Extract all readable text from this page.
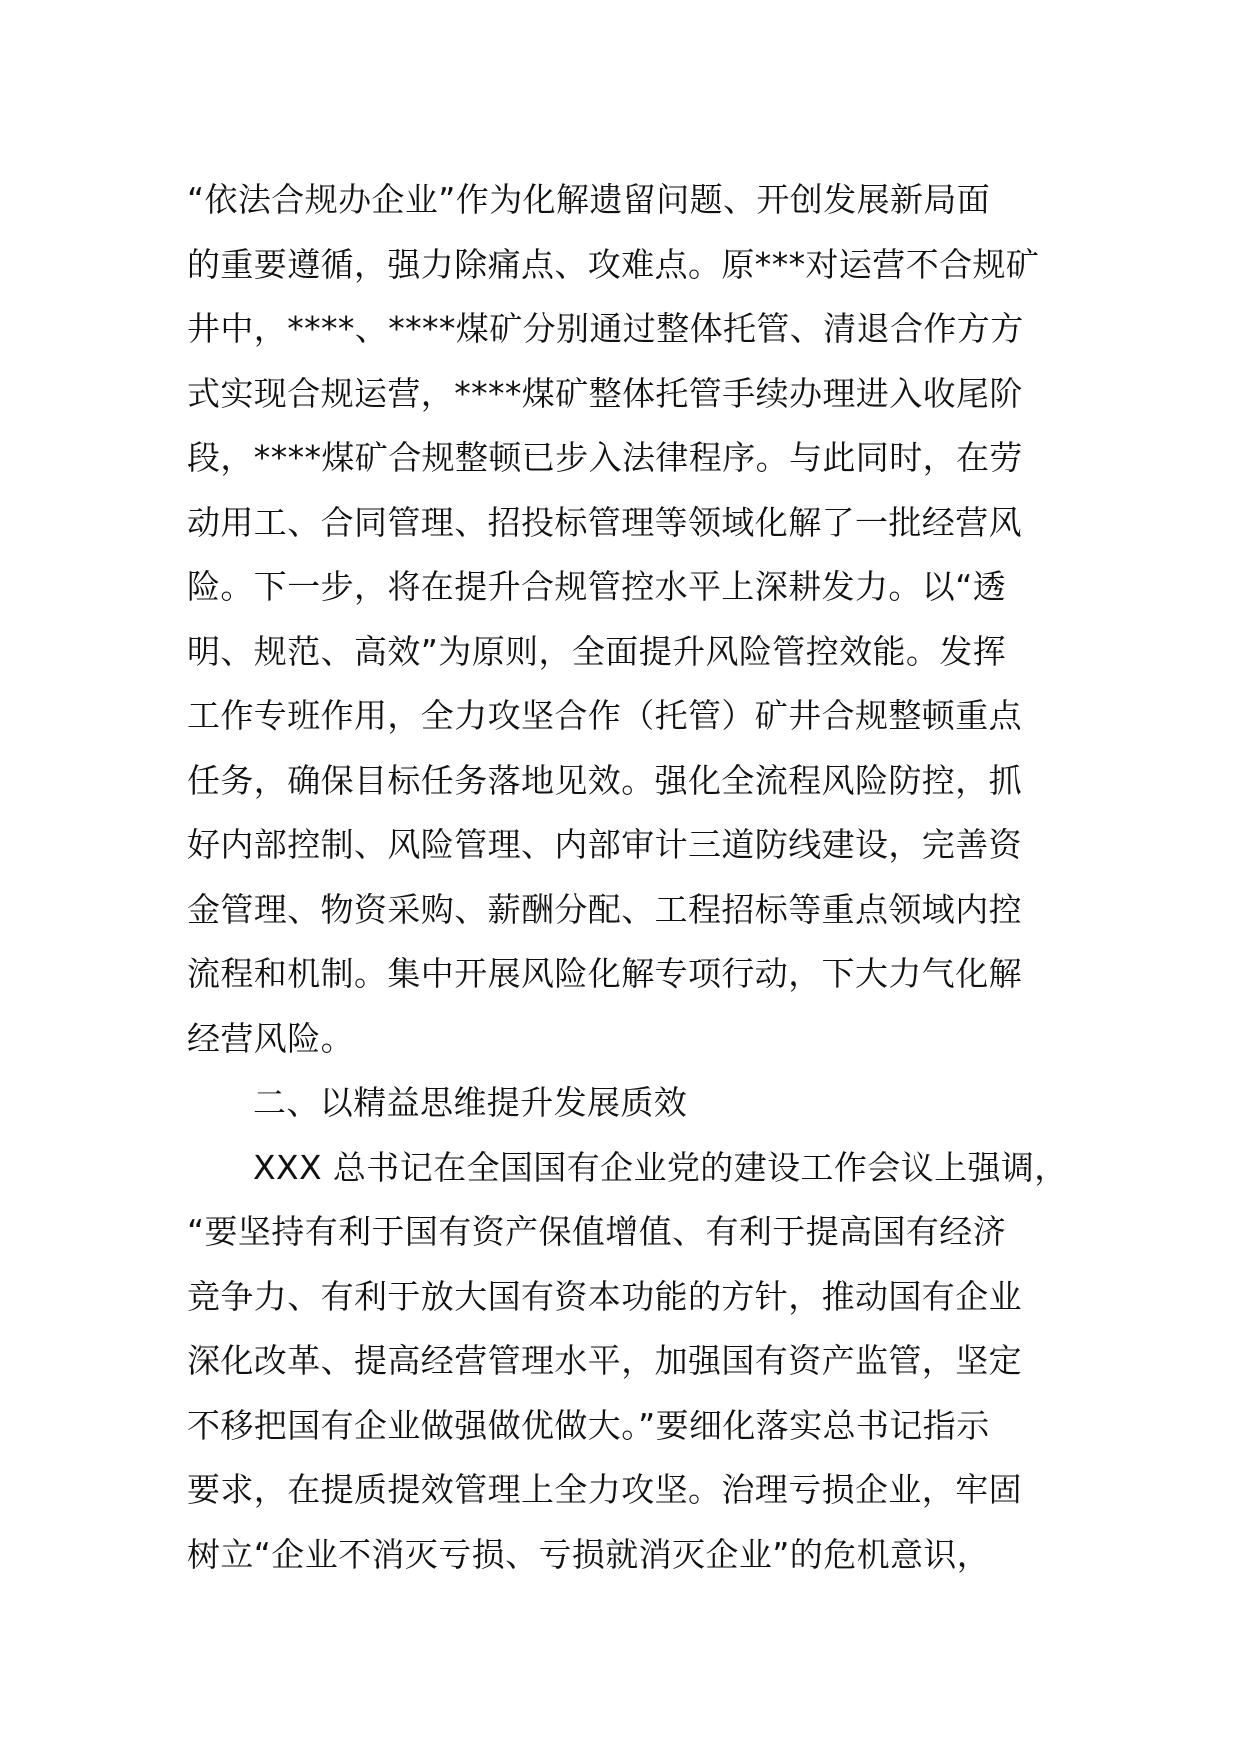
“依法合规办企业”作为化解遗留问题、开创发展新局面
的重要遵循，强力除痛点、攻难点。原***对运营不合规矿
井中，****、****煤矿分别通过整体托管、清退合作方方
式实现合规运营，****煤矿整体托管手续办理进入收尾阶
段，****煤矿合规整顿已步入法律程序。与此同时，在劳
动用工、合同管理、招投标管理等领域化解了一批经营风
险。下一步，将在提升合规管控水平上深耕发力。以“透
明、规范、高效”为原则，全面提升风险管控效能。发挥
工作专班作用，全力攻坚合作（托管）矿井合规整顿重点
任务，确保目标任务落地见效。强化全流程风险防控，抓
好内部控制、风险管理、内部审计三道防线建设，完善资
金管理、物资采购、薪酬分配、工程招标等重点领域内控
流程和机制。集中开展风险化解专项行动，下大力气化解
经营风险。
二、以精益思维提升发展质效
XXX 总书记在全国国有企业党的建设工作会议上强调，
“要坚持有利于国有资产保值增值、有利于提高国有经济
竞争力、有利于放大国有资本功能的方针，推动国有企业
深化改革、提高经营管理水平，加强国有资产监管，坚定
不移把国有企业做强做优做大。”要细化落实总书记指示
要求，在提质提效管理上全力攻坚。治理亏损企业，牢固
树立“企业不消灭亏损、亏损就消灭企业”的危机意识，
